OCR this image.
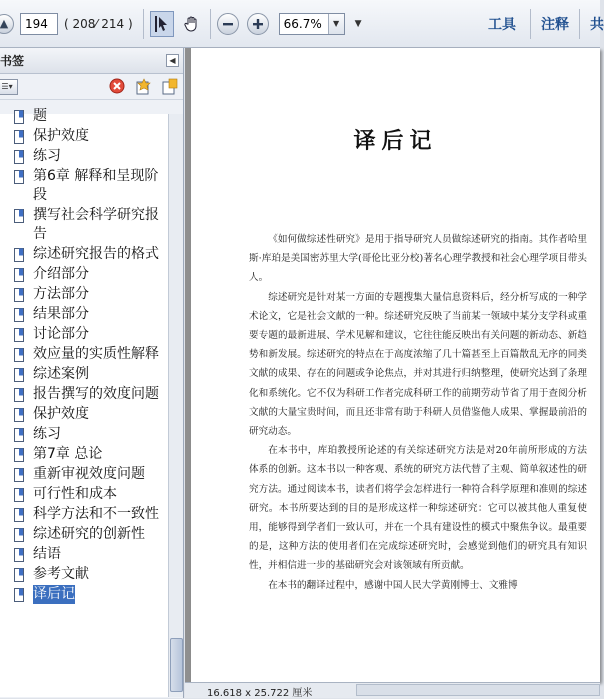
▲
194	( 208⁄ 214 )
66.7%	▼	▼	工具 注释 共
书签	◀
☰▾
题
保护效度
练习
第6章 解释和呈现阶段
撰写社会科学研究报告
综述研究报告的格式
介绍部分
方法部分
结果部分
讨论部分
效应量的实质性解释
综述案例
报告撰写的效度问题
保护效度
练习
第7章 总论
重新审视效度问题
可行性和成本
科学方法和不一致性
综述研究的创新性
结语
参考文献
译后记
译后记

《如何做综述性研究》是用于指导研究人员做综述研究的指南。其作者哈里斯·库珀是美国密苏里大学(哥伦比亚分校)著名心理学教授和社会心理学项目带头人。

综述研究是针对某一方面的专题搜集大量信息资料后，经分析写成的一种学术论文，它是社会文献的一种。综述研究反映了当前某一领域中某分支学科或重要专题的最新进展、学术见解和建议，它往往能反映出有关问题的新动态、新趋势和新发展。综述研究的特点在于高度浓缩了几十篇甚至上百篇散乱无序的同类文献的成果、存在的问题或争论焦点，并对其进行归纳整理，使研究达到了条理化和系统化。它不仅为科研工作者完成科研工作的前期劳动节省了用于查阅分析文献的大量宝贵时间，而且还非常有助于科研人员借鉴他人成果、掌握最前沿的研究动态。

在本书中，库珀教授所论述的有关综述研究方法是对20年前所形成的方法体系的创新。这本书以一种客观、系统的研究方法代替了主观、简单叙述性的研究方法。通过阅读本书，读者们将学会怎样进行一种符合科学原理和准则的综述研究。本书所要达到的目的是形成这样一种综述研究：它可以被其他人重复使用，能够得到学者们一致认可，并在一个具有建设性的模式中聚焦争议。最重要的是，这种方法的使用者们在完成综述研究时，会感觉到他们的研究具有知识性，并相信进一步的基础研究会对该领域有所贡献。

在本书的翻译过程中，感谢中国人民大学黄刚博士、文雅博

16.618 x 25.722 厘米
